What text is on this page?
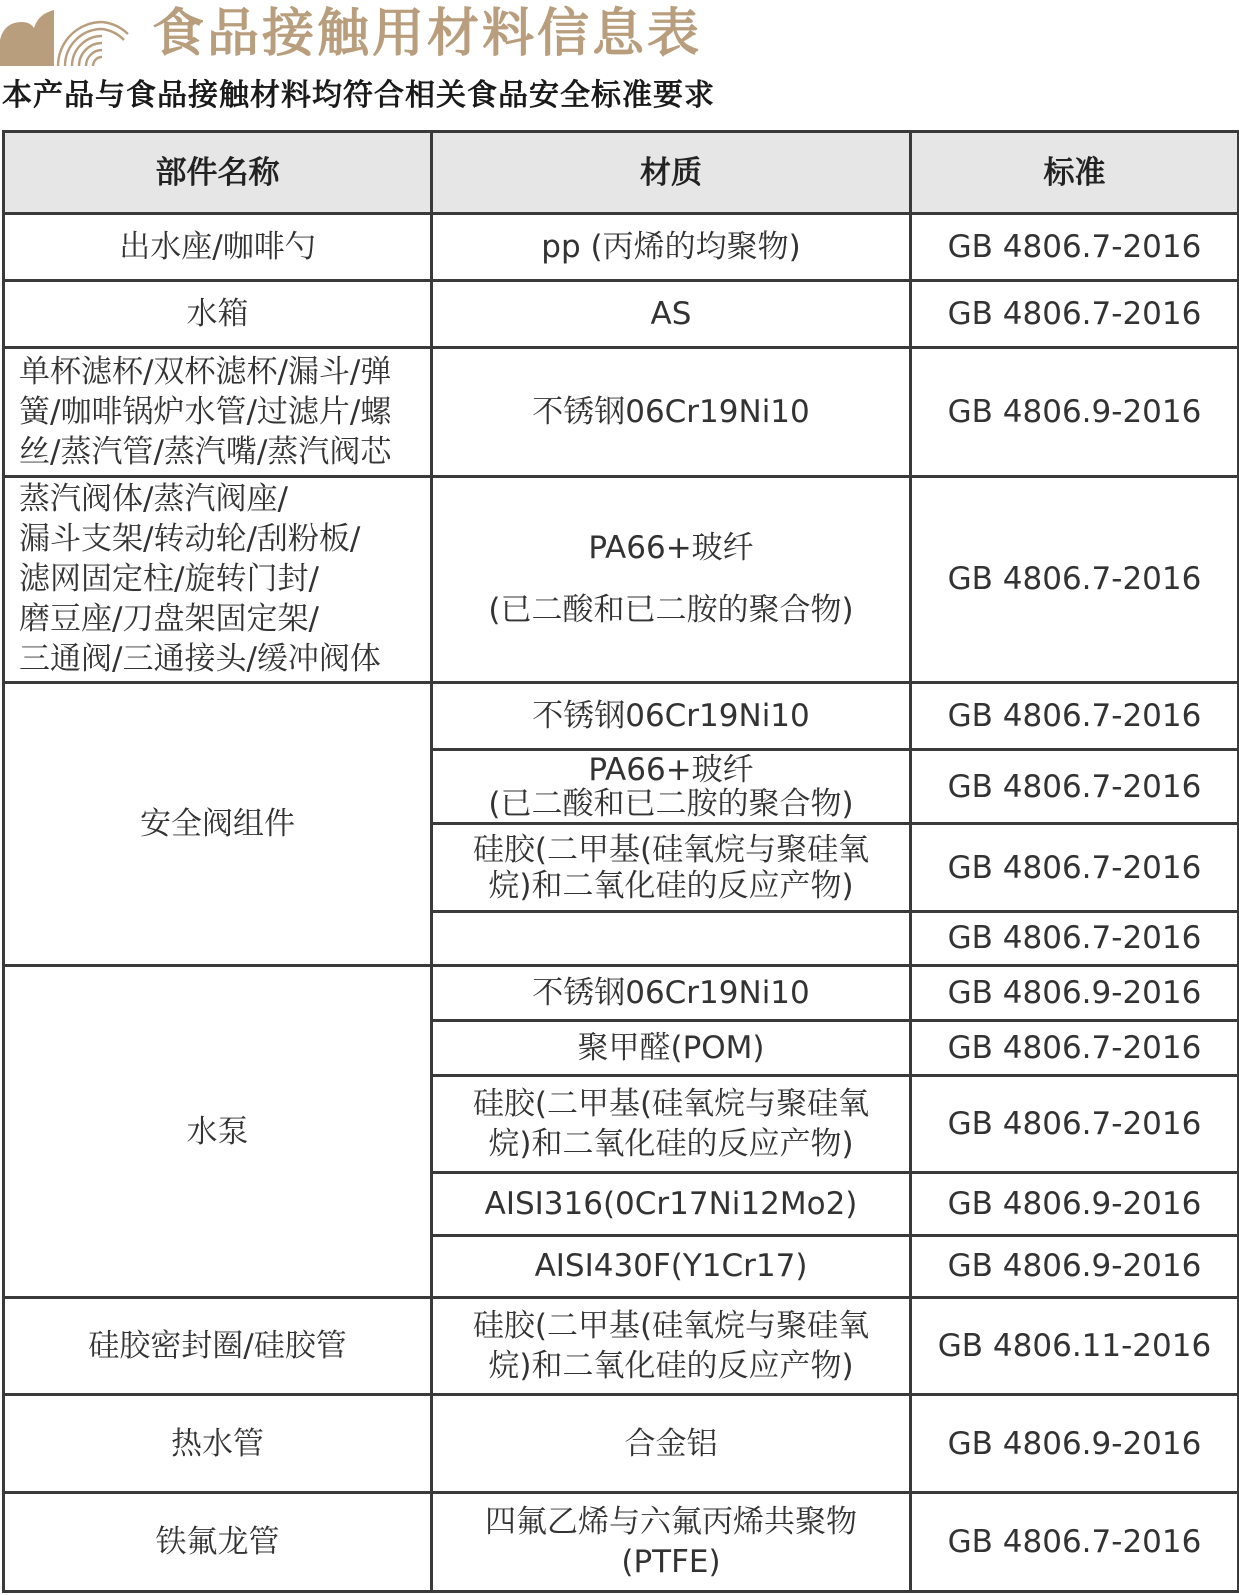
食品接触用材料信息表
本产品与食品接触材料均符合相关食品安全标准要求
部件名称	材质	标准

出水座/咖啡勺	pp (丙烯的均聚物)	GB 4806.7-2016

水箱	AS	GB 4806.7-2016

单杯滤杯/双杯滤杯/漏斗/弹
簧/咖啡锅炉水管/过滤片/螺
丝/蒸汽管/蒸汽嘴/蒸汽阀芯	不锈钢06Cr19Ni10	GB 4806.9-2016

蒸汽阀体/蒸汽阀座/
漏斗支架/转动轮/刮粉板/
滤网固定柱/旋转门封/
磨豆座/刀盘架固定架/
三通阀/三通接头/缓冲阀体	PA66+玻纤
(已二酸和已二胺的聚合物)	GB 4806.7-2016

安全阀组件	不锈钢06Cr19Ni10	GB 4806.7-2016

	PA66+玻纤
(已二酸和已二胺的聚合物)	GB 4806.7-2016

	硅胶(二甲基(硅氧烷与聚硅氧
烷)和二氧化硅的反应产物)	GB 4806.7-2016
		GB 4806.7-2016

水泵	不锈钢06Cr19Ni10	GB 4806.9-2016

	聚甲醛(POM)	GB 4806.7-2016

	硅胶(二甲基(硅氧烷与聚硅氧
烷)和二氧化硅的反应产物)	GB 4806.7-2016

	AISI316(0Cr17Ni12Mo2)	GB 4806.9-2016

	AISI430F(Y1Cr17)	GB 4806.9-2016

硅胶密封圈/硅胶管	硅胶(二甲基(硅氧烷与聚硅氧
烷)和二氧化硅的反应产物)	GB 4806.11-2016

热水管	合金铝	GB 4806.9-2016

铁氟龙管	四氟乙烯与六氟丙烯共聚物
(PTFE)	GB 4806.7-2016
